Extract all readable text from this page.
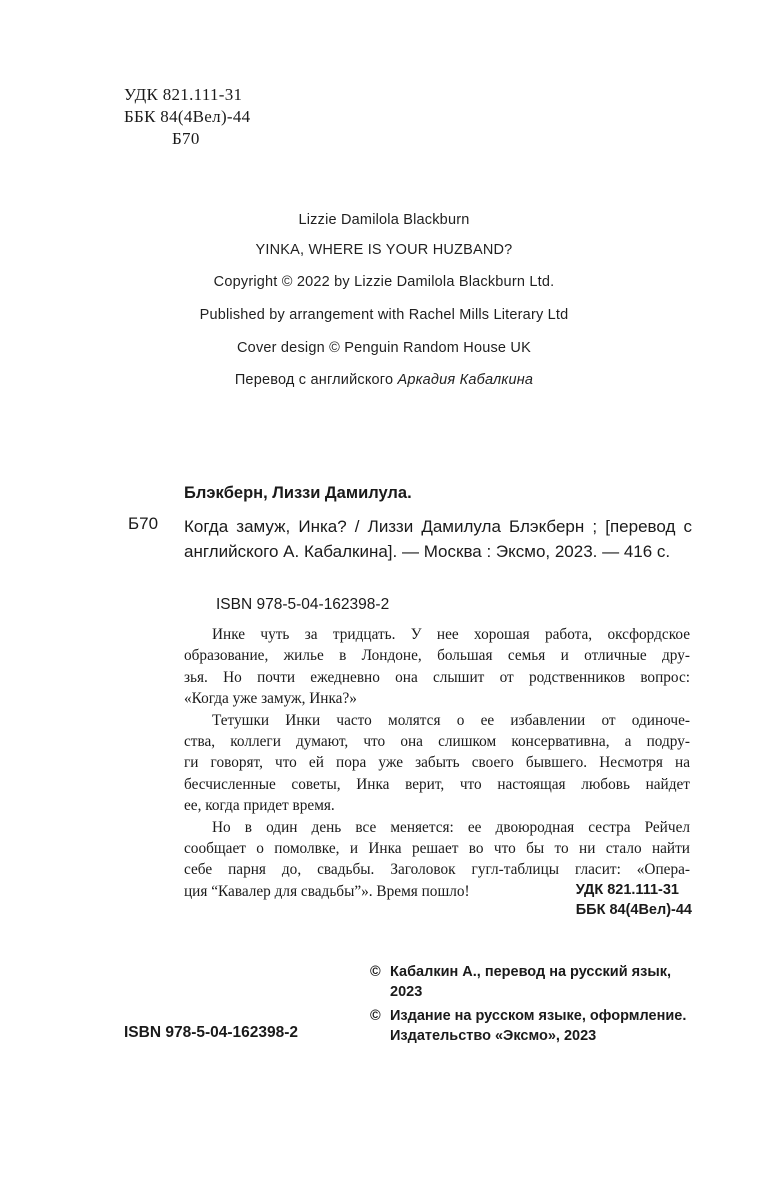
УДК 821.111-31
ББК 84(4Вел)-44
Б70
Lizzie Damilola Blackburn
YINKA, WHERE IS YOUR HUZBAND?
Copyright © 2022 by Lizzie Damilola Blackburn Ltd.
Published by arrangement with Rachel Mills Literary Ltd
Cover design © Penguin Random House UK
Перевод с английского Аркадия Кабалкина
Блэкберн, Лиззи Дамилула.
Б70 Когда замуж, Инка? / Лиззи Дамилула Блэкберн ; [перевод с английского А. Кабалкина]. — Москва : Эксмо, 2023. — 416 с.
ISBN 978-5-04-162398-2
Инке чуть за тридцать. У нее хорошая работа, оксфордское
образование, жилье в Лондоне, большая семья и отличные дру-
зья. Но почти ежедневно она слышит от родственников вопрос:
«Когда уже замуж, Инка?»
Тетушки Инки часто молятся о ее избавлении от одиноче-
ства, коллеги думают, что она слишком консервативна, а подру-
ги говорят, что ей пора уже забыть своего бывшего. Несмотря на
бесчисленные советы, Инка верит, что настоящая любовь найдет
ее, когда придет время.
Но в один день все меняется: ее двоюродная сестра Рейчел
сообщает о помолвке, и Инка решает во что бы то ни стало найти
себе парня до, свадьбы. Заголовок гугл-таблицы гласит: «Опера-
ция “Кавалер для свадьбы”». Время пошло!	УДК 821.111-31
ББК 84(4Вел)-44
© Кабалкин А., перевод на русский язык,
2023
© Издание на русском языке, оформление.
Издательство «Эксмо», 2023
ISBN 978-5-04-162398-2
